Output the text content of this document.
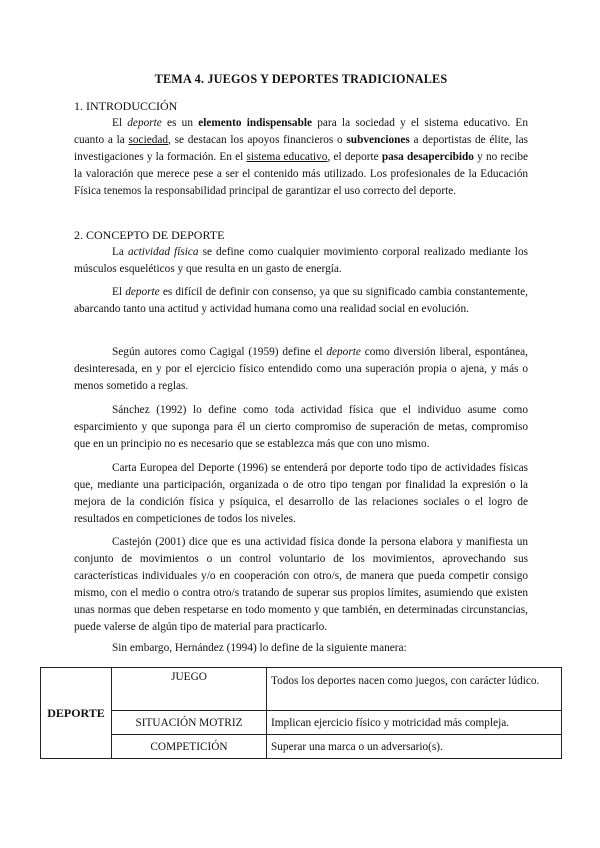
TEMA 4. JUEGOS Y DEPORTES TRADICIONALES
1. INTRODUCCIÓN

El deporte es un elemento indispensable para la sociedad y el sistema educativo. En cuanto a la sociedad, se destacan los apoyos financieros o subvenciones a deportistas de élite, las investigaciones y la formación. En el sistema educativo, el deporte pasa desapercibido y no recibe la valoración que merece pese a ser el contenido más utilizado. Los profesionales de la Educación Física tenemos la responsabilidad principal de garantizar el uso correcto del deporte.

2. CONCEPTO DE DEPORTE

La actividad física se define como cualquier movimiento corporal realizado mediante los músculos esqueléticos y que resulta en un gasto de energía.

El deporte es difícil de definir con consenso, ya que su significado cambia constantemente, abarcando tanto una actitud y actividad humana como una realidad social en evolución.

Según autores como Cagigal (1959) define el deporte como diversión liberal, espontánea, desinteresada, en y por el ejercicio físico entendido como una superación propia o ajena, y más o menos sometido a reglas.

Sánchez (1992) lo define como toda actividad física que el individuo asume como esparcimiento y que suponga para él un cierto compromiso de superación de metas, compromiso que en un principio no es necesario que se establezca más que con uno mismo.

Carta Europea del Deporte (1996) se entenderá por deporte todo tipo de actividades físicas que, mediante una participación, organizada o de otro tipo tengan por finalidad la expresión o la mejora de la condición física y psíquica, el desarrollo de las relaciones sociales o el logro de resultados en competiciones de todos los niveles.

Castejón (2001) dice que es una actividad física donde la persona elabora y manifiesta un conjunto de movimientos o un control voluntario de los movimientos, aprovechando sus características individuales y/o en cooperación con otro/s, de manera que pueda competir consigo mismo, con el medio o contra otro/s tratando de superar sus propios límites, asumiendo que existen unas normas que deben respetarse en todo momento y que también, en determinadas circunstancias, puede valerse de algún tipo de material para practicarlo.

Sin embargo, Hernández (1994) lo define de la siguiente manera:

DEPORTE	JUEGO	Todos los deportes nacen como juegos, con carácter lúdico.
	SITUACIÓN MOTRIZ	Implican ejercicio físico y motricidad más compleja.
	COMPETICIÓN	Superar una marca o un adversario(s).
